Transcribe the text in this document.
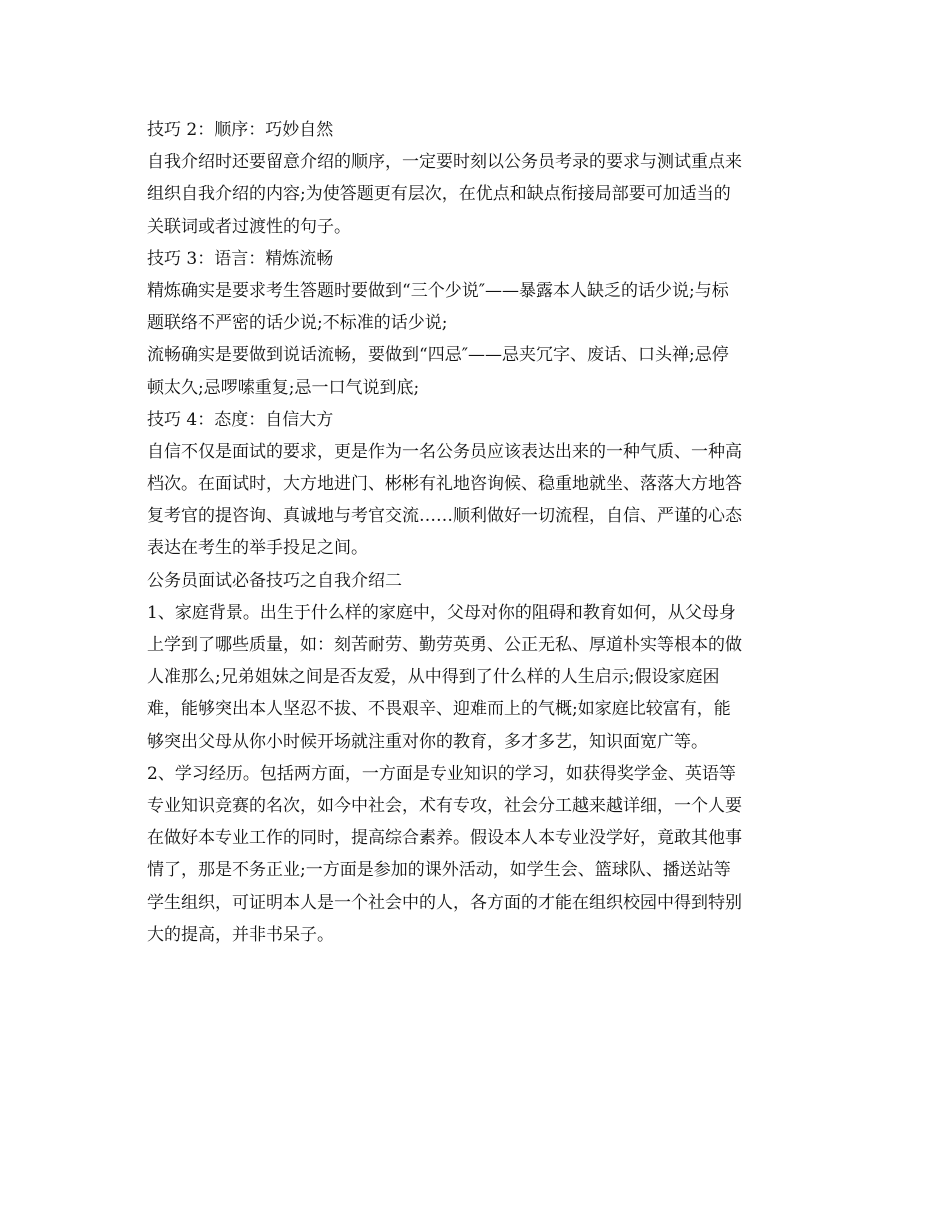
技巧 2：顺序：巧妙自然
自我介绍时还要留意介绍的顺序，一定要时刻以公务员考录的要求与测试重点来
组织自我介绍的内容;为使答题更有层次，在优点和缺点衔接局部要可加适当的
关联词或者过渡性的句子。
技巧 3：语言：精炼流畅
精炼确实是要求考生答题时要做到“三个少说″——暴露本人缺乏的话少说;与标
题联络不严密的话少说;不标准的话少说;
流畅确实是要做到说话流畅，要做到“四忌″——忌夹冗字、废话、口头禅;忌停
顿太久;忌啰嗦重复;忌一口气说到底;
技巧 4：态度：自信大方
自信不仅是面试的要求，更是作为一名公务员应该表达出来的一种气质、一种高
档次。在面试时，大方地进门、彬彬有礼地咨询候、稳重地就坐、落落大方地答
复考官的提咨询、真诚地与考官交流……顺利做好一切流程，自信、严谨的心态
表达在考生的举手投足之间。
公务员面试必备技巧之自我介绍二
1、家庭背景。出生于什么样的家庭中，父母对你的阻碍和教育如何，从父母身
上学到了哪些质量，如：刻苦耐劳、勤劳英勇、公正无私、厚道朴实等根本的做
人准那么;兄弟姐妹之间是否友爱，从中得到了什么样的人生启示;假设家庭困
难，能够突出本人坚忍不拔、不畏艰辛、迎难而上的气概;如家庭比较富有，能
够突出父母从你小时候开场就注重对你的教育，多才多艺，知识面宽广等。
2、学习经历。包括两方面，一方面是专业知识的学习，如获得奖学金、英语等
专业知识竞赛的名次，如今中社会，术有专攻，社会分工越来越详细，一个人要
在做好本专业工作的同时，提高综合素养。假设本人本专业没学好，竟敢其他事
情了，那是不务正业;一方面是参加的课外活动，如学生会、篮球队、播送站等
学生组织，可证明本人是一个社会中的人，各方面的才能在组织校园中得到特别
大的提高，并非书呆子。
